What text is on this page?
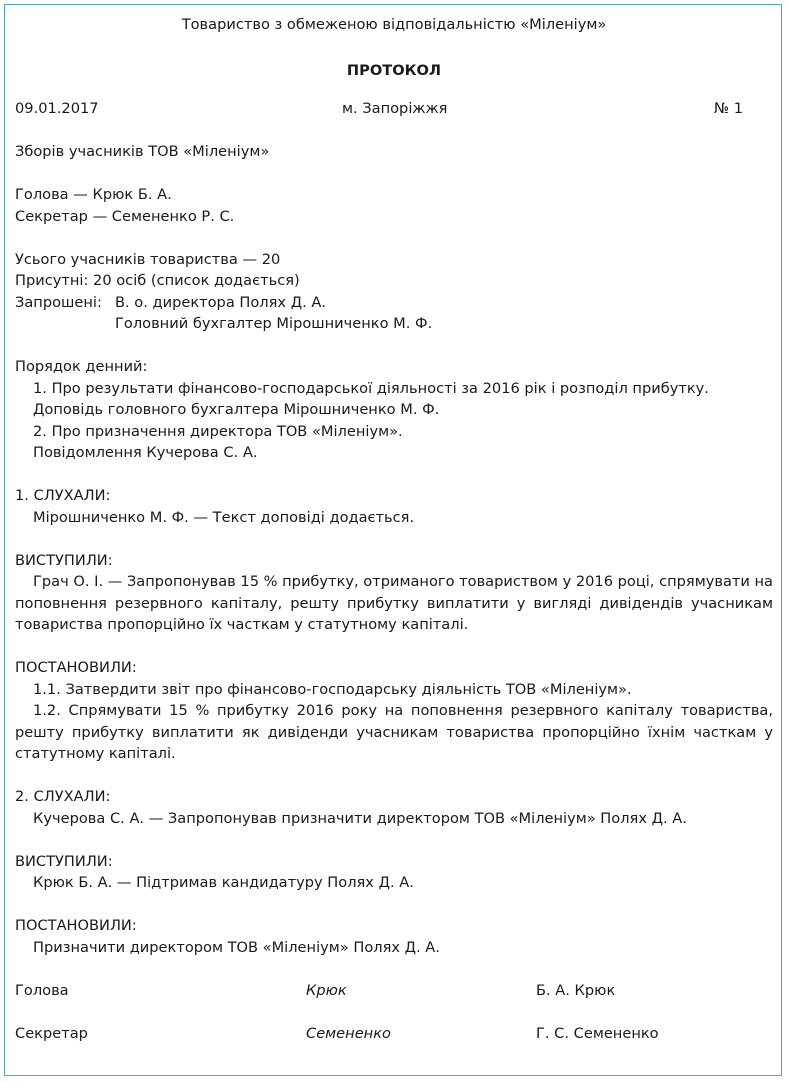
Товариство з обмеженою відповідальністю «Міленіум»
ПРОТОКОЛ
09.01.2017	м. Запоріжжя	№ 1
Зборів учасників ТОВ «Міленіум»
Голова — Крюк Б. А.
Секретар — Семененко Р. С.
Усього учасників товариства — 20
Присутні: 20 осіб (список додається)
Запрошені: В. о. директора Полях Д. А.
Головний бухгалтер Мірошниченко М. Ф.
Порядок денний:
1. Про результати фінансово-господарської діяльності за 2016 рік і розподіл прибутку.
Доповідь головного бухгалтера Мірошниченко М. Ф.
2. Про призначення директора ТОВ «Міленіум».
Повідомлення Кучерова С. А.
1. СЛУХАЛИ:
Мірошниченко М. Ф. — Текст доповіді додається.
ВИСТУПИЛИ:
Грач О. І. — Запропонував 15 % прибутку, отриманого товариством у 2016 році, спрямувати на поповнення резервного капіталу, решту прибутку виплатити у вигляді дивідендів учасникам товариства пропорційно їх часткам у статутному капіталі.
ПОСТАНОВИЛИ:
1.1. Затвердити звіт про фінансово-господарську діяльність ТОВ «Міленіум».
1.2. Спрямувати 15 % прибутку 2016 року на поповнення резервного капіталу товариства, решту прибутку виплатити як дивіденди учасникам товариства пропорційно їхнім часткам у статутному капіталі.
2. СЛУХАЛИ:
Кучерова С. А. — Запропонував призначити директором ТОВ «Міленіум» Полях Д. А.
ВИСТУПИЛИ:
Крюк Б. А. — Підтримав кандидатуру Полях Д. А.
ПОСТАНОВИЛИ:
Призначити директором ТОВ «Міленіум» Полях Д. А.
Голова	Крюк	Б. А. Крюк
Секретар	Семененко	Г. С. Семененко
